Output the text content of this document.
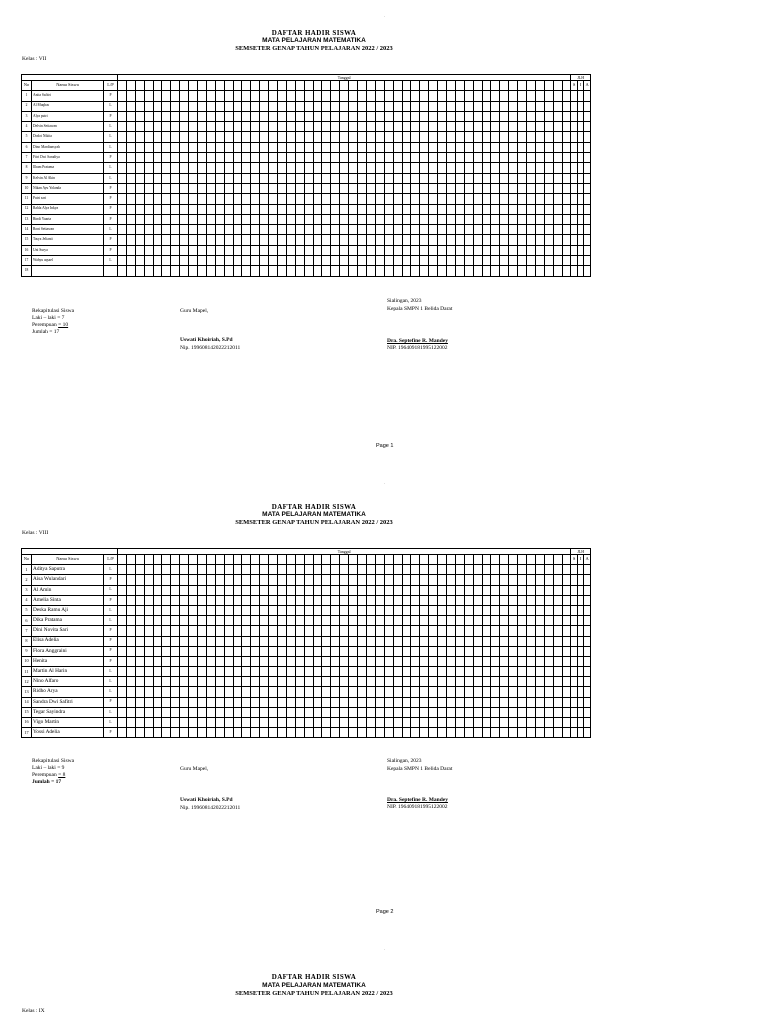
.
DAFTAR HADIR SISWA
MATA PELAJARAN MATEMATIKA
SEMSETER GENAP TAHUN PELAJARAN 2022 / 2023
Kelas : VII
			Tanggal																																																			JLH		
No	Nama Siswa	L/P																																																				S	I	A
1	Anita Safitri	P																																																						
2	Al Muqbas	L																																																						
3	Alya putri	P																																																						
4	Delvin Setiawan	L																																																						
5	Dodot Nikita	L																																																						
6	Dino Mardiansyah	L																																																						
7	Fitri Dwi Saradiya	P																																																						
8	Ilham Pratama	L																																																						
9	Kelvin Al Akin	L																																																						
10	Nikan Ayu Yolanda	P																																																						
11	Putri sari	P																																																						
12	Rahla Alya Inkya	P																																																						
13	Rindi Yuarta	P																																																						
14	Roni Setiawan	L																																																						
15	Tasya Jelianti	P																																																						
16	Uni Surya	P																																																						
17	Wahyu aqsael	L																																																						
18																																																								
Rekapitulasi Siswa
Laki – laki = 7
Perempuan = 10
Jumlah = 17
Guru Mapel,
Uswati Khoiriah, S.Pd
Nip. 199608142022212011
Sialingan, 2023
Kepala SMPN 1 Belida Darat
Dra. Septefine R. Mandey
NIP. 196409181995122002
Page 1
.
DAFTAR HADIR SISWA
MATA PELAJARAN MATEMATIKA
SEMSETER GENAP TAHUN PELAJARAN 2022 / 2023
Kelas : VIII
			Tanggal																																																			JLH		
No	Nama Siswa	L/P																																																				S	I	A
1	Aditya Saputra	L																																																						
2	Aisa Wulandari	P																																																						
3	Al Amin	L																																																						
4	Amelia Sinta	P																																																						
5	Deska Ramu Aji	L																																																						
6	Dika Pratama	L																																																						
7	Dini Novita Sari	P																																																						
8	Elisa Adelia	P																																																						
9	Flora Anggraini	P																																																						
10	Henita	P																																																						
11	Martin Al Harin	L																																																						
12	Nino Alfaro	L																																																						
13	Ridho Arya	L																																																						
14	Sandra Dwi Safitri	P																																																						
15	Tegar Sayindra	L																																																						
16	Vigo Martin	L																																																						
17	Yossi Adelia	P																																																						
Rekapitulasi Siswa
Laki – laki = 9
Perempuan = 8
Jumlah = 17
Guru Mapel,
Uswati Khoiriah, S.Pd
Nip. 199608142022212011
Sialingan, 2023
Kepala SMPN 1 Belida Darat
Dra. Septefine R. Mandey
NIP. 196409181995122002
Page 2
.
DAFTAR HADIR SISWA
MATA PELAJARAN MATEMATIKA
SEMSETER GENAP TAHUN PELAJARAN 2022 / 2023
Kelas : IX
